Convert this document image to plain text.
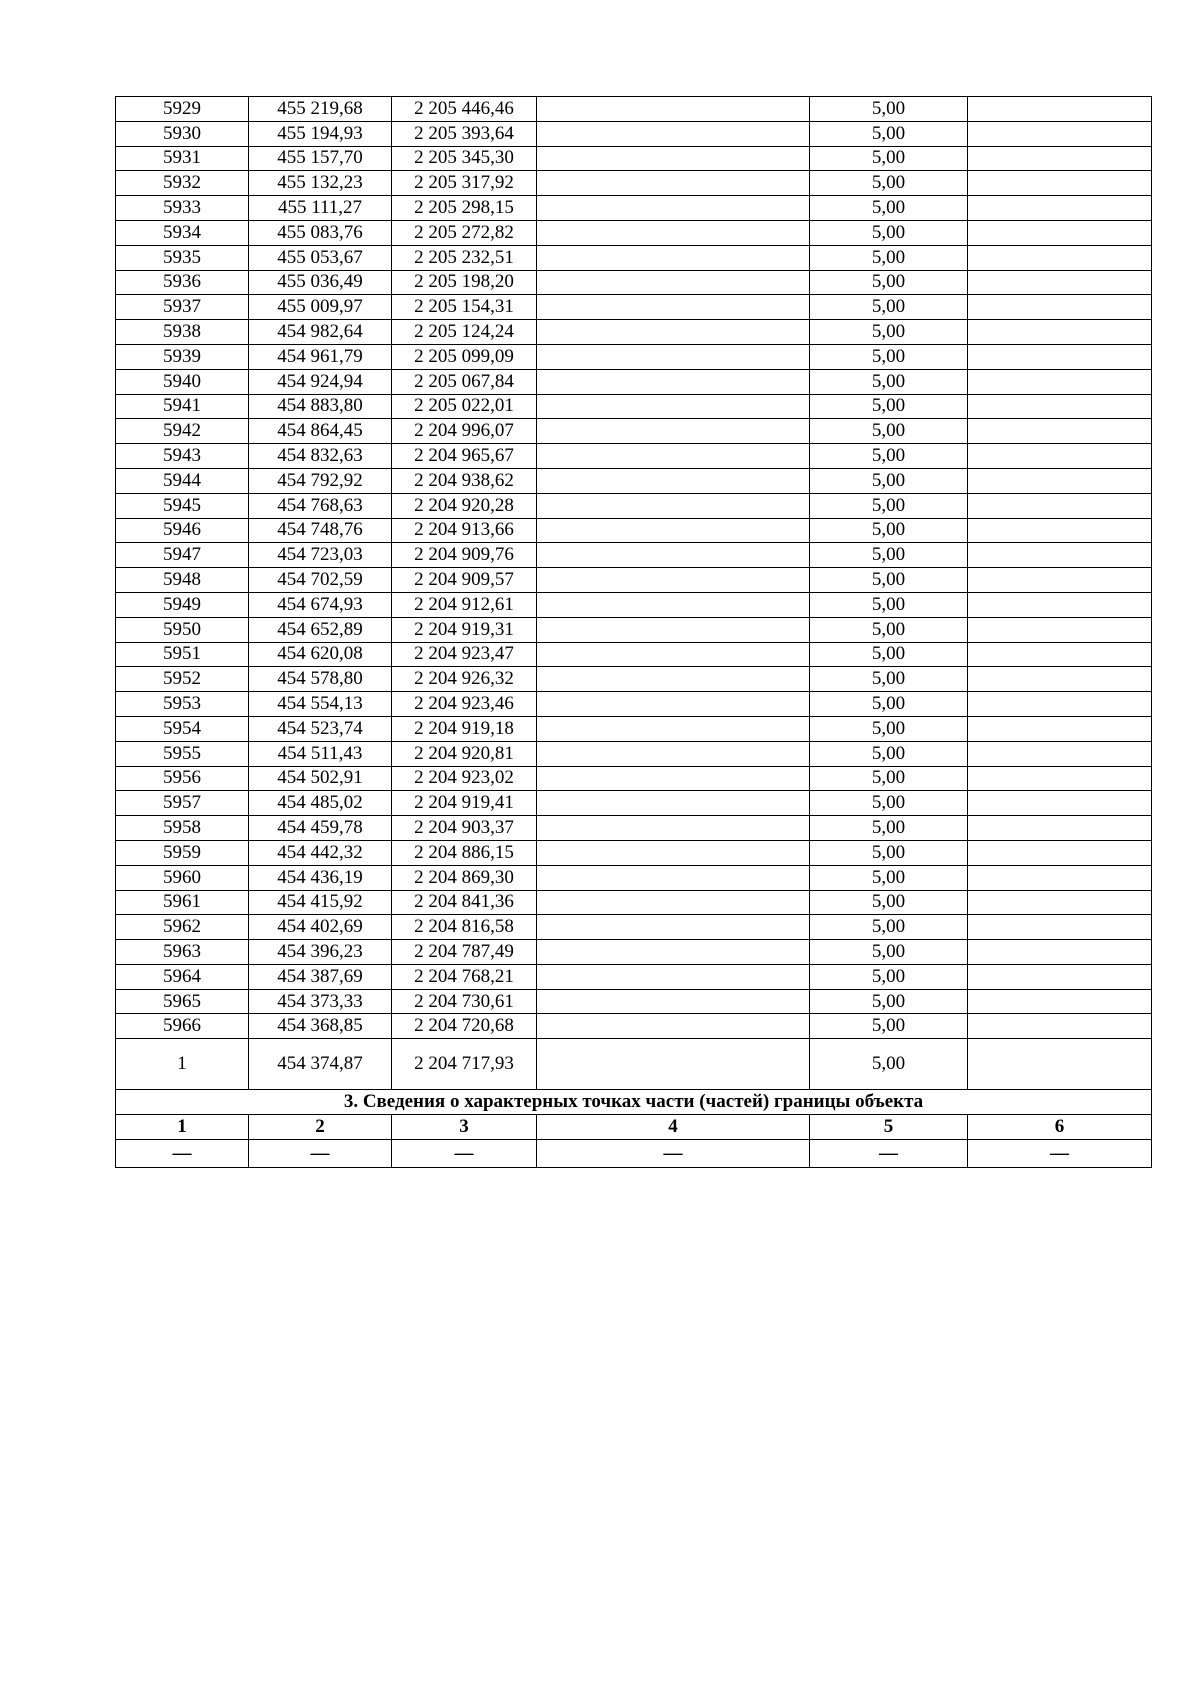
5929	455 219,68	2 205 446,46		5,00	
5930	455 194,93	2 205 393,64		5,00	
5931	455 157,70	2 205 345,30		5,00	
5932	455 132,23	2 205 317,92		5,00	
5933	455 111,27	2 205 298,15		5,00	
5934	455 083,76	2 205 272,82		5,00	
5935	455 053,67	2 205 232,51		5,00	
5936	455 036,49	2 205 198,20		5,00	
5937	455 009,97	2 205 154,31		5,00	
5938	454 982,64	2 205 124,24		5,00	
5939	454 961,79	2 205 099,09		5,00	
5940	454 924,94	2 205 067,84		5,00	
5941	454 883,80	2 205 022,01		5,00	
5942	454 864,45	2 204 996,07		5,00	
5943	454 832,63	2 204 965,67		5,00	
5944	454 792,92	2 204 938,62		5,00	
5945	454 768,63	2 204 920,28		5,00	
5946	454 748,76	2 204 913,66		5,00	
5947	454 723,03	2 204 909,76		5,00	
5948	454 702,59	2 204 909,57		5,00	
5949	454 674,93	2 204 912,61		5,00	
5950	454 652,89	2 204 919,31		5,00	
5951	454 620,08	2 204 923,47		5,00	
5952	454 578,80	2 204 926,32		5,00	
5953	454 554,13	2 204 923,46		5,00	
5954	454 523,74	2 204 919,18		5,00	
5955	454 511,43	2 204 920,81		5,00	
5956	454 502,91	2 204 923,02		5,00	
5957	454 485,02	2 204 919,41		5,00	
5958	454 459,78	2 204 903,37		5,00	
5959	454 442,32	2 204 886,15		5,00	
5960	454 436,19	2 204 869,30		5,00	
5961	454 415,92	2 204 841,36		5,00	
5962	454 402,69	2 204 816,58		5,00	
5963	454 396,23	2 204 787,49		5,00	
5964	454 387,69	2 204 768,21		5,00	
5965	454 373,33	2 204 730,61		5,00	
5966	454 368,85	2 204 720,68		5,00	
1	454 374,87	2 204 717,93		5,00	
3. Сведения о характерных точках части (частей) границы объекта					
1	2	3	4	5	6
—	—	—	—	—	—
